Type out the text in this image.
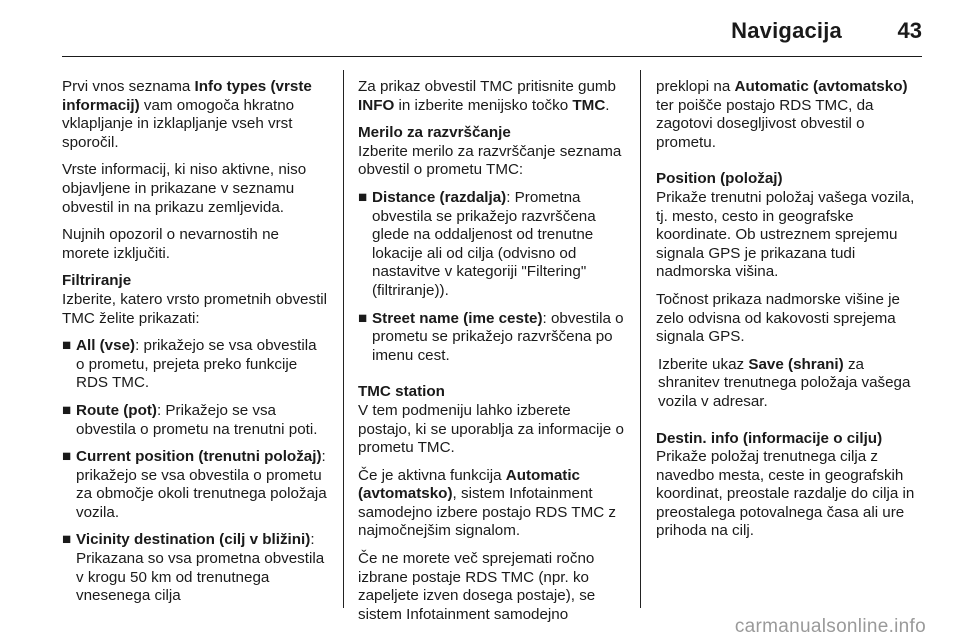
Navigacija	43

Prvi vnos seznama Info types (vrste informacij) vam omogoča hkratno vklapljanje in izklapljanje vseh vrst sporočil.

Vrste informacij, ki niso aktivne, niso objavljene in prikazane v seznamu obvestil in na prikazu zemljevida.

Nujnih opozoril o nevarnostih ne morete izključiti.

Filtriranje
Izberite, katero vrsto prometnih obvestil TMC želite prikazati:
■ All (vse): prikažejo se vsa obvestila o prometu, prejeta preko funkcije RDS TMC.
■ Route (pot): Prikažejo se vsa obvestila o prometu na trenutni poti.
■ Current position (trenutni položaj): prikažejo se vsa obvestila o prometu za območje okoli trenutnega položaja vozila.
■ Vicinity destination (cilj v bližini): Prikazana so vsa prometna obvestila v krogu 50 km od trenutnega vnesenega cilja

Za prikaz obvestil TMC pritisnite gumb INFO in izberite menijsko točko TMC.

Merilo za razvrščanje
Izberite merilo za razvrščanje seznama obvestil o prometu TMC:
■ Distance (razdalja): Prometna obvestila se prikažejo razvrščena glede na oddaljenost od trenutne lokacije ali od cilja (odvisno od nastavitve v kategoriji "Filtering" (filtriranje)).
■ Street name (ime ceste): obvestila o prometu se prikažejo razvrščena po imenu cest.
TMC station
V tem podmeniju lahko izberete postajo, ki se uporablja za informacije o prometu TMC.

Če je aktivna funkcija Automatic (avtomatsko), sistem Infotainment samodejno izbere postajo RDS TMC z najmočnejšim signalom.

Če ne morete več sprejemati ročno izbrane postaje RDS TMC (npr. ko zapeljete izven dosega postaje), se sistem Infotainment samodejno

preklopi na Automatic (avtomatsko) ter poišče postajo RDS TMC, da zagotovi dosegljivost obvestil o prometu.

Position (položaj)
Prikaže trenutni položaj vašega vozila, tj. mesto, cesto in geografske koordinate. Ob ustreznem sprejemu signala GPS je prikazana tudi nadmorska višina.

Točnost prikaza nadmorske višine je zelo odvisna od kakovosti sprejema signala GPS.

Izberite ukaz Save (shrani) za shranitev trenutnega položaja vašega vozila v adresar.

Destin. info (informacije o cilju)
Prikaže položaj trenutnega cilja z navedbo mesta, ceste in geografskih koordinat, preostale razdalje do cilja in preostalega potovalnega časa ali ure prihoda na cilj.
carmanualsonline.info
